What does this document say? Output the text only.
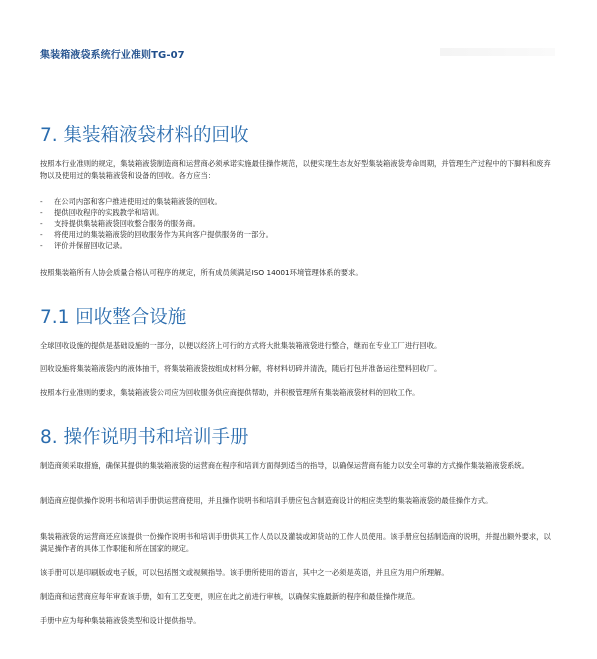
集装箱液袋系统行业准则TG-07
7. 集装箱液袋材料的回收

按照本行业准则的规定，集装箱液袋制造商和运营商必须承诺实施最佳操作规范，以便实现生态友好型集装箱液袋寿命周期，并管理生产过程中的下脚料和废弃物以及使用过的集装箱液袋和设备的回收。各方应当：

- 在公司内部和客户推进使用过的集装箱液袋的回收。
- 提供回收程序的实践教学和培训。
- 支持提供集装箱液袋回收整合服务的服务商。
- 将使用过的集装箱液袋的回收服务作为其向客户提供服务的一部分。
- 评价并保留回收记录。

按照集装箱所有人协会质量合格认可程序的规定，所有成员须满足ISO 14001环境管理体系的要求。

7.1 回收整合设施

全球回收设施的提供是基础设施的一部分，以便以经济上可行的方式将大批集装箱液袋进行整合，继而在专业工厂进行回收。

回收设施将集装箱液袋内的液体抽干，将集装箱液袋按组成材料分解，将材料切碎并清洗，随后打包并准备运往塑料回收厂。

按照本行业准则的要求，集装箱液袋公司应为回收服务供应商提供帮助，并积极管理所有集装箱液袋材料的回收工作。

8. 操作说明书和培训手册

制造商须采取措施，确保其提供的集装箱液袋的运营商在程序和培训方面得到适当的指导，以确保运营商有能力以安全可靠的方式操作集装箱液袋系统。

制造商应提供操作说明书和培训手册供运营商使用，并且操作说明书和培训手册应包含制造商设计的相应类型的集装箱液袋的最佳操作方式。

集装箱液袋的运营商还应该提供一份操作说明书和培训手册供其工作人员以及灌装或卸货站的工作人员使用。该手册应包括制造商的说明，并提出额外要求，以满足操作者的具体工作职能和所在国家的规定。

该手册可以是印刷版或电子版，可以包括图文或视频指导。该手册所使用的语言，其中之一必须是英语，并且应为用户所理解。

制造商和运营商应每年审查该手册，如有工艺变更，则应在此之前进行审核，以确保实施最新的程序和最佳操作规范。

手册中应为每种集装箱液袋类型和设计提供指导。
